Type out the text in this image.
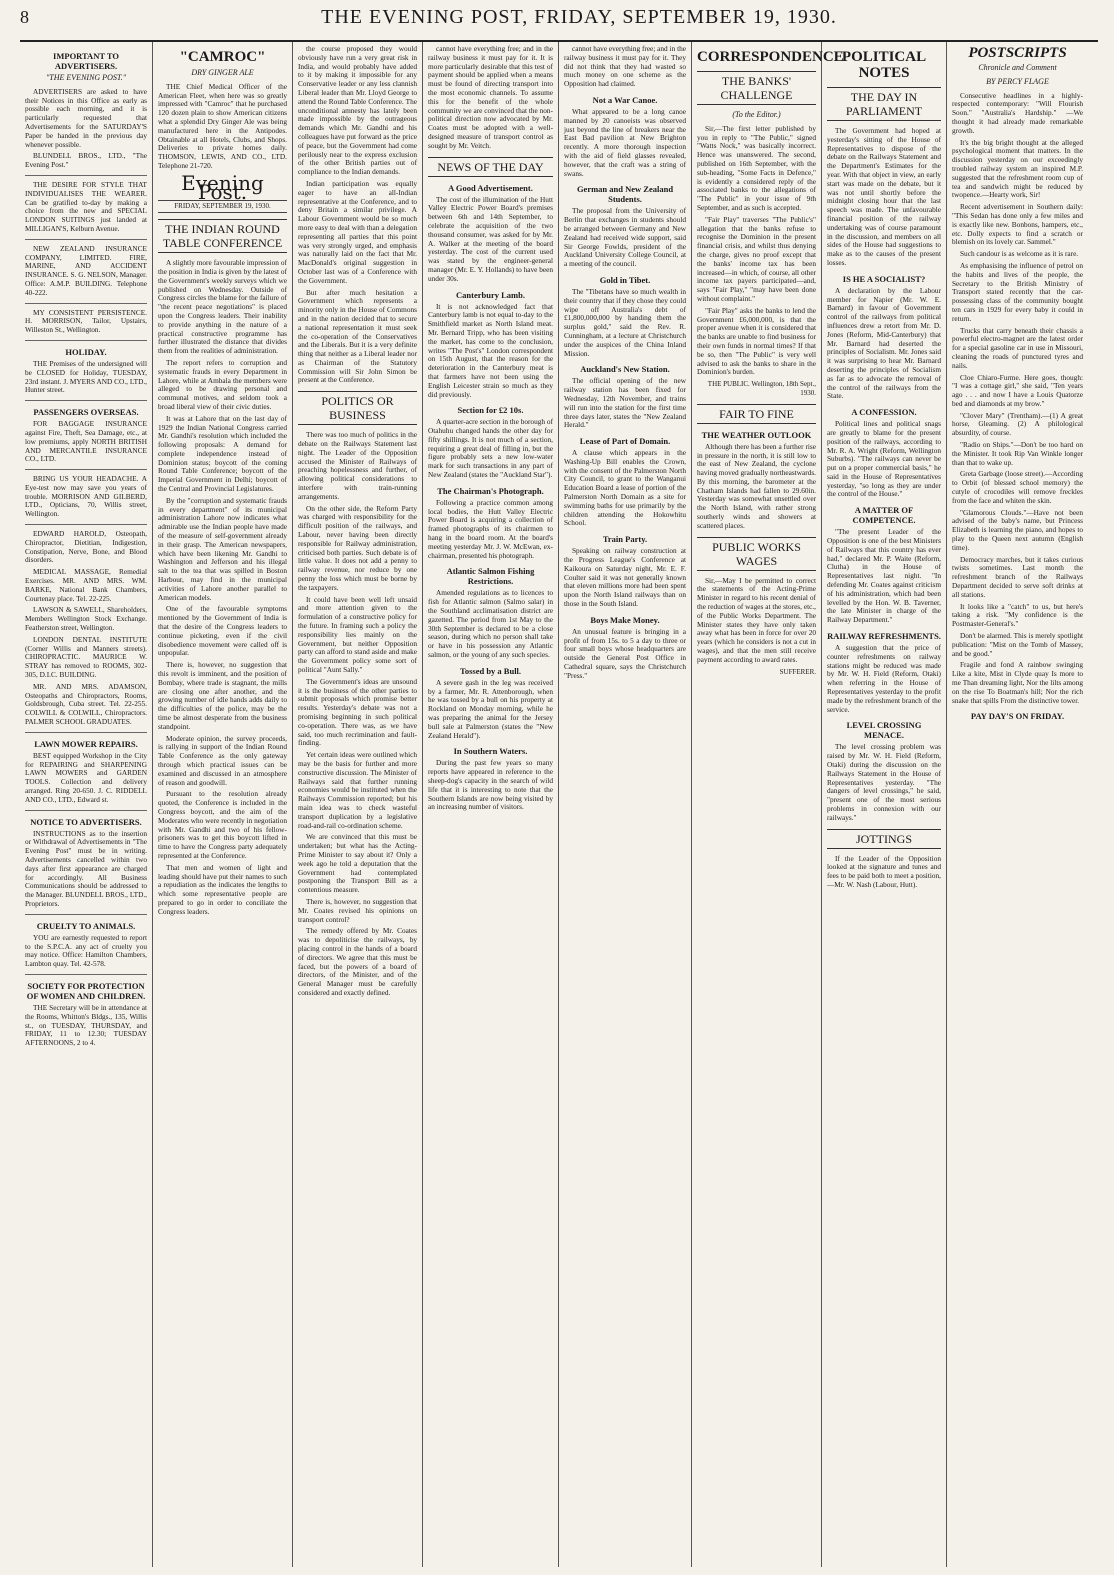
8	THE EVENING POST, FRIDAY, SEPTEMBER 19, 1930.
IMPORTANT TO ADVERTISERS.
"THE EVENING POST."

ADVERTISERS are asked to have their Notices in this Office as early as possible each morning, and it is particularly requested that Advertisements for the SATURDAY'S Paper be handed in the previous day whenever possible.

BLUNDELL BROS., LTD., "The Evening Post."

THE DESIRE FOR STYLE THAT INDIVIDUALISES THE WEARER. Can be gratified to-day by making a choice from the new and SPECIAL LONDON SUITINGS just landed at MILLIGAN'S, Kelburn Avenue.

NEW ZEALAND INSURANCE COMPANY, LIMITED. FIRE, MARINE, AND ACCIDENT INSURANCE. S. G. NELSON, Manager. Office: A.M.P. BUILDING. Telephone 40-222.

MY CONSISTENT PERSISTENCE. H. MORRISON, Tailor, Upstairs, Willeston St., Wellington.

HOLIDAY.

THE Premises of the undersigned will be CLOSED for Holiday, TUESDAY, 23rd instant. J. MYERS AND CO., LTD., Hunter street.

PASSENGERS OVERSEAS.

FOR BAGGAGE INSURANCE against Fire, Theft, Sea Damage, etc., at low premiums, apply NORTH BRITISH AND MERCANTILE INSURANCE CO., LTD.

BRING US YOUR HEADACHE. A Eye-test now may save you years of trouble. MORRISON AND GILBERD, LTD., Opticians, 70, Willis street, Wellington.

EDWARD HAROLD, Osteopath, Chiropractor, Dietitian, Indigestion, Constipation, Nerve, Bone, and Blood disorders.

MEDICAL MASSAGE, Remedial Exercises. MR. AND MRS. WM. BARKE, National Bank Chambers, Courtenay place. Tel. 22-225.

LAWSON & SAWELL, Shareholders, Members Wellington Stock Exchange. Featherston street, Wellington.

LONDON DENTAL INSTITUTE (Corner Willis and Manners streets). CHIROPRACTIC. MAURICE W. STRAY has removed to ROOMS, 302-305, D.I.C. BUILDING.

MR. AND MRS. ADAMSON, Osteopaths and Chiropractors, Rooms, Goldsbrough, Cuba street. Tel. 22-255. COLWILL & COLWILL, Chiropractors. PALMER SCHOOL GRADUATES.

LAWN MOWER REPAIRS.

BEST equipped Workshop in the City for REPAIRING and SHARPENING LAWN MOWERS and GARDEN TOOLS. Collection and delivery arranged. Ring 20-650. J. C. RIDDELL AND CO., LTD., Edward st.

NOTICE TO ADVERTISERS.

INSTRUCTIONS as to the insertion or Withdrawal of Advertisements in "The Evening Post" must be in writing. Advertisements cancelled within two days after first appearance are charged for accordingly. All Business Communications should be addressed to the Manager. BLUNDELL BROS., LTD., Proprietors.

CRUELTY TO ANIMALS.

YOU are earnestly requested to report to the S.P.C.A. any act of cruelty you may notice. Office: Hamilton Chambers, Lambton quay. Tel. 42-578.

SOCIETY FOR PROTECTION OF WOMEN AND CHILDREN.

THE Secretary will be in attendance at the Rooms, Whitton's Bldgs., 135, Willis st., on TUESDAY, THURSDAY, and FRIDAY, 11 to 12.30; TUESDAY AFTERNOONS, 2 to 4.

"CAMROC"
DRY GINGER ALE

THE Chief Medical Officer of the American Fleet, when here was so greatly impressed with "Camroc" that he purchased 120 dozen plain to show American citizens what a splendid Dry Ginger Ale was being manufactured here in the Antipodes. Obtainable at all Hotels, Clubs, and Shops. Deliveries to private homes daily. THOMSON, LEWIS, AND CO., LTD. Telephone 21-720.

Evening Post.
FRIDAY, SEPTEMBER 19, 1930.
THE INDIAN ROUND TABLE CONFERENCE

A slightly more favourable impression of the position in India is given by the latest of the Government's weekly surveys which we published on Wednesday. Outside of Congress circles the blame for the failure of "the recent peace negotiations" is placed upon the Congress leaders. Their inability to provide anything in the nature of a practical constructive programme has further illustrated the distance that divides them from the realities of administration.

The report refers to corruption and systematic frauds in every Department in Lahore, while at Ambala the members were alleged to be drawing personal and communal motives, and seldom took a broad liberal view of their civic duties.

It was at Lahore that on the last day of 1929 the Indian National Congress carried Mr. Gandhi's resolution which included the following proposals: A demand for complete independence instead of Dominion status; boycott of the coming Round Table Conference; boycott of the Imperial Government in Delhi; boycott of the Central and Provincial Legislatures.

By the "corruption and systematic frauds in every department" of its municipal administration Lahore now indicates what admirable use the Indian people have made of the measure of self-government already in their grasp. The American newspapers, which have been likening Mr. Gandhi to Washington and Jefferson and his illegal salt to the tea that was spilled in Boston Harbour, may find in the municipal activities of Lahore another parallel to American models.

One of the favourable symptoms mentioned by the Government of India is that the desire of the Congress leaders to continue picketing, even if the civil disobedience movement were called off is unpopular.

There is, however, no suggestion that this revolt is imminent, and the position of Bombay, where trade is stagnant, the mills are closing one after another, and the growing number of idle hands adds daily to the difficulties of the police, may be the time be almost desperate from the business standpoint.

Moderate opinion, the survey proceeds, is rallying in support of the Indian Round Table Conference as the only gateway through which practical issues can be examined and discussed in an atmosphere of reason and goodwill.

Pursuant to the resolution already quoted, the Conference is included in the Congress boycott, and the aim of the Moderates who were recently in negotiation with Mr. Gandhi and two of his fellow-prisoners was to get this boycott lifted in time to have the Congress party adequately represented at the Conference.

That men and women of light and leading should have put their names to such a repudiation as the indicates the lengths to which some representative people are prepared to go in order to conciliate the Congress leaders.

the course proposed they would obviously have run a very great risk in India, and would probably have added to it by making it impossible for any Conservative leader or any less clannish Liberal leader than Mr. Lloyd George to attend the Round Table Conference. The unconditional amnesty has lately been made impossible by the outrageous demands which Mr. Gandhi and his colleagues have put forward as the price of peace, but the Government had come perilously near to the express exclusion of the other British parties out of compliance to the Indian demands.

Indian participation was equally eager to have an all-Indian representative at the Conference, and to deny Britain a similar privilege. A Labour Government would be so much more easy to deal with than a delegation representing all parties that this point was very strongly urged, and emphasis was naturally laid on the fact that Mr. MacDonald's original suggestion in October last was of a Conference with the Government.

But after much hesitation a Government which represents a minority only in the House of Commons and in the nation decided that to secure a national representation it must seek the co-operation of the Conservatives and the Liberals. But it is a very definite thing that neither as a Liberal leader nor as Chairman of the Statutory Commission will Sir John Simon be present at the Conference.

POLITICS OR BUSINESS

There was too much of politics in the debate on the Railways Statement last night. The Leader of the Opposition accused the Minister of Railways of preaching hopelessness and further, of allowing political considerations to interfere with train-running arrangements.

On the other side, the Reform Party was charged with responsibility for the difficult position of the railways, and Labour, never having been directly responsible for Railway administration, criticised both parties. Such debate is of little value. It does not add a penny to railway revenue, nor reduce by one penny the loss which must be borne by the taxpayers.

It could have been well left unsaid and more attention given to the formulation of a constructive policy for the future. In framing such a policy the responsibility lies mainly on the Government, but neither Opposition party can afford to stand aside and make the Government policy some sort of political "Aunt Sally."

The Government's ideas are unsound it is the business of the other parties to submit proposals which promise better results. Yesterday's debate was not a promising beginning in such political co-operation. There was, as we have said, too much recrimination and fault-finding.

Yet certain ideas were outlined which may be the basis for further and more constructive discussion. The Minister of Railways said that further running economies would be instituted when the Railways Commission reported; but his main idea was to check wasteful transport duplication by a legislative road-and-rail co-ordination scheme.

We are convinced that this must be undertaken; but what has the Acting-Prime Minister to say about it? Only a week ago he told a deputation that the Government had contemplated postponing the Transport Bill as a contentious measure.

There is, however, no suggestion that Mr. Coates revised his opinions on transport control?

The remedy offered by Mr. Coates was to depoliticise the railways, by placing control in the hands of a board of directors. We agree that this must be faced, but the powers of a board of directors, of the Minister, and of the General Manager must be carefully considered and exactly defined.

cannot have everything free; and in the railway business it must pay for it. It is more particularly desirable that this test of payment should be applied when a means must be found of directing transport into the most economic channels. To assume this for the benefit of the whole community we are convinced that the non-political direction now advocated by Mr. Coates must be adopted with a well-designed measure of transport control as sought by Mr. Veitch.

NEWS OF THE DAY
A Good Advertisement.

The cost of the illumination of the Hutt Valley Electric Power Board's premises between 6th and 14th September, to celebrate the acquisition of the two thousand consumer, was asked for by Mr. A. Walker at the meeting of the board yesterday. The cost of the current used was stated by the engineer-general manager (Mr. E. Y. Hollands) to have been under 30s.

Canterbury Lamb.

It is not acknowledged fact that Canterbury lamb is not equal to-day to the Smithfield market as North Island meat. Mr. Bernard Tripp, who has been visiting the market, has come to the conclusion, writes "The Post's" London correspondent on 15th August, that the reason for the deterioration in the Canterbury meat is that farmers have not been using the English Leicester strain so much as they did previously.

Section for £2 10s.

A quarter-acre section in the borough of Otahuhu changed hands the other day for fifty shillings. It is not much of a section, requiring a great deal of filling in, but the figure probably sets a new low-water mark for such transactions in any part of New Zealand (states the "Auckland Star").

The Chairman's Photograph.

Following a practice common among local bodies, the Hutt Valley Electric Power Board is acquiring a collection of framed photographs of its chairmen to hang in the board room. At the board's meeting yesterday Mr. J. W. McEwan, ex-chairman, presented his photograph.

Atlantic Salmon Fishing Restrictions.

Amended regulations as to licences to fish for Atlantic salmon (Salmo salar) in the Southland acclimatisation district are gazetted. The period from 1st May to the 30th September is declared to be a close season, during which no person shall take or have in his possession any Atlantic salmon, or the young of any such species.

Tossed by a Bull.

A severe gash in the leg was received by a farmer, Mr. R. Attenborough, when he was tossed by a bull on his property at Rockland on Monday morning, while he was preparing the animal for the Jersey bull sale at Palmerston (states the "New Zealand Herald").

In Southern Waters.

During the past few years so many reports have appeared in reference to the sheep-dog's capacity in the search of wild life that it is interesting to note that the Southern Islands are now being visited by an increasing number of visitors.

cannot have everything free; and in the railway business it must pay for it. They did not think that they had wasted so much money on one scheme as the Opposition had claimed.

Not a War Canoe.

What appeared to be a long canoe manned by 20 canoeists was observed just beyond the line of breakers near the East Bad pavilion at New Brighton recently. A more thorough inspection with the aid of field glasses revealed, however, that the craft was a string of swans.

German and New Zealand Students.

The proposal from the University of Berlin that exchanges in students should be arranged between Germany and New Zealand had received wide support, said Sir George Fowlds, president of the Auckland University College Council, at a meeting of the council.

Gold in Tibet.

The "Tibetans have so much wealth in their country that if they chose they could wipe off Australia's debt of £1,800,000,000 by handing them the surplus gold," said the Rev. R. Cunningham, at a lecture at Christchurch under the auspices of the China Inland Mission.

Auckland's New Station.

The official opening of the new railway station has been fixed for Wednesday, 12th November, and trains will run into the station for the first time three days later, states the "New Zealand Herald."

Lease of Part of Domain.

A clause which appears in the Washing-Up Bill enables the Crown, with the consent of the Palmerston North City Council, to grant to the Wanganui Education Board a lease of portion of the Palmerston North Domain as a site for swimming baths for use primarily by the children attending the Hokowhitu School.

Train Party.

Speaking on railway construction at the Progress League's Conference at Kaikoura on Saturday night, Mr. E. F. Coulter said it was not generally known that eleven millions more had been spent upon the North Island railways than on those in the South Island.

Boys Make Money.

An unusual feature is bringing in a profit of from 15s. to 5 a day to three or four small boys whose headquarters are outside the General Post Office in Cathedral square, says the Christchurch "Press."

CORRESPONDENCE
THE BANKS' CHALLENGE
(To the Editor.)

Sir,—The first letter published by you in reply to "The Public," signed "Watts Nock," was basically incorrect. Hence was unanswered. The second, published on 16th September, with the sub-heading, "Some Facts in Defence," is evidently a considered reply of the associated banks to the allegations of "The Public" in your issue of 9th September, and as such is accepted.

"Fair Play" traverses "The Public's" allegation that the banks refuse to recognise the Dominion in the present financial crisis, and whilst thus denying the charge, gives no proof except that the banks' income tax has been increased—in which, of course, all other income tax payers participated—and, says "Fair Play," "may have been done without complaint."

"Fair Play" asks the banks to lend the Government £6,000,000, is that the proper avenue when it is considered that the banks are unable to find business for their own funds in normal times? If that be so, then "The Public" is very well advised to ask the banks to share in the Dominion's burden.

THE PUBLIC. Wellington, 18th Sept., 1930.
FAIR TO FINE
THE WEATHER OUTLOOK

Although there has been a further rise in pressure in the north, it is still low to the east of New Zealand, the cyclone having moved gradually northeastwards. By this morning, the barometer at the Chatham Islands had fallen to 29.60in. Yesterday was somewhat unsettled over the North Island, with rather strong southerly winds and showers at scattered places.

PUBLIC WORKS WAGES

Sir,—May I be permitted to correct the statements of the Acting-Prime Minister in regard to his recent denial of the reduction of wages at the stores, etc., of the Public Works Department. The Minister states they have only taken away what has been in force for over 20 years (which he considers is not a cut in wages), and that the men still receive payment according to award rates.

SUFFERER.
POLITICAL NOTES
THE DAY IN PARLIAMENT

The Government had hoped at yesterday's sitting of the House of Representatives to dispose of the debate on the Railways Statement and the Department's Estimates for the year. With that object in view, an early start was made on the debate, but it was not until shortly before the midnight closing hour that the last speech was made. The unfavourable financial position of the railway undertaking was of course paramount in the discussion, and members on all sides of the House had suggestions to make as to the causes of the present losses.

IS HE A SOCIALIST?

A declaration by the Labour member for Napier (Mr. W. E. Barnard) in favour of Government control of the railways from political influences drew a retort from Mr. D. Jones (Reform, Mid-Canterbury) that Mr. Barnard had deserted the principles of Socialism. Mr. Jones said it was surprising to hear Mr. Barnard deserting the principles of Socialism as far as to advocate the removal of the control of the railways from the State.

A CONFESSION.

Political lines and political snags are greatly to blame for the present position of the railways, according to Mr. R. A. Wright (Reform, Wellington Suburbs). "The railways can never be put on a proper commercial basis," he said in the House of Representatives yesterday, "so long as they are under the control of the House."

A MATTER OF COMPETENCE.

"The present Leader of the Opposition is one of the best Ministers of Railways that this country has ever had," declared Mr. P. Waite (Reform, Clutha) in the House of Representatives last night. "In defending Mr. Coates against criticism of his administration, which had been levelled by the Hon. W. B. Taverner, the late Minister in charge of the Railway Department."

RAILWAY REFRESHMENTS.

A suggestion that the price of counter refreshments on railway stations might be reduced was made by Mr. W. H. Field (Reform, Otaki) when referring in the House of Representatives yesterday to the profit made by the refreshment branch of the service.

LEVEL CROSSING MENACE.

The level crossing problem was raised by Mr. W. H. Field (Reform, Otaki) during the discussion on the Railways Statement in the House of Representatives yesterday. "The dangers of level crossings," he said, "present one of the most serious problems in connexion with our railways."

JOTTINGS

If the Leader of the Opposition looked at the signature and tunes and fees to be paid both to meet a position,—Mr. W. Nash (Labour, Hutt).

POSTSCRIPTS
Chronicle and Comment
BY PERCY FLAGE

Consecutive headlines in a highly-respected contemporary: "Will Flourish Soon." "Australia's Hardship." —We thought it had already made remarkable growth.

It's the big bright thought at the alleged psychological moment that matters. In the discussion yesterday on our exceedingly troubled railway system an inspired M.P. suggested that the refreshment room cup of tea and sandwich might be reduced by twopence.—Hearty work, Sir!

Recent advertisement in Southern daily: "This Sedan has done only a few miles and is exactly like new. Bonbons, hampers, etc., etc. Dolly expects to find a scratch or blemish on its lovely car. Sammel."

Such candour is as welcome as it is rare.

As emphasising the influence of petrol on the habits and lives of the people, the Secretary to the British Ministry of Transport stated recently that the car-possessing class of the community bought ten cars in 1929 for every baby it could in return.

Trucks that carry beneath their chassis a powerful electro-magnet are the latest order for a special gasoline car in use in Missouri, cleaning the roads of punctured tyres and nails.

Cloe Chiaro-Furme. Here goes, though: "I was a cottage girl," she said, "Ten years ago . . . and now I have a Louis Quatorze bed and diamonds at my brow."

"Clover Mary" (Trentham).—(1) A great horse, Gleaming. (2) A philological absurdity, of course.

"Radio on Ships."—Don't be too hard on the Minister. It took Rip Van Winkle longer than that to wake up.

Greta Garbage (loose street).—According to Orbit (of blessed school memory) the cutyle of crocodiles will remove freckles from the face and whiten the skin.

"Glamorous Clouds."—Have not been advised of the baby's name, but Princess Elizabeth is learning the piano, and hopes to play to the Queen next autumn (English time).

Democracy marches, but it takes curious twists sometimes. Last month the refreshment branch of the Railways Department decided to serve soft drinks at all stations.

It looks like a "catch" to us, but here's taking a risk. "My confidence is the Postmaster-General's."

Don't be alarmed. This is merely spotlight publication: "Mist on the Tomb of Massey, and be good."

Fragile and fond A rainbow swinging Like a kite, Mist in Clyde quay Is more to me Than dreaming light, Nor the lilts among on the rise To Boatman's hill; Nor the rich snake that spills From the distinctive tower.

PAY DAY'S ON FRIDAY.
